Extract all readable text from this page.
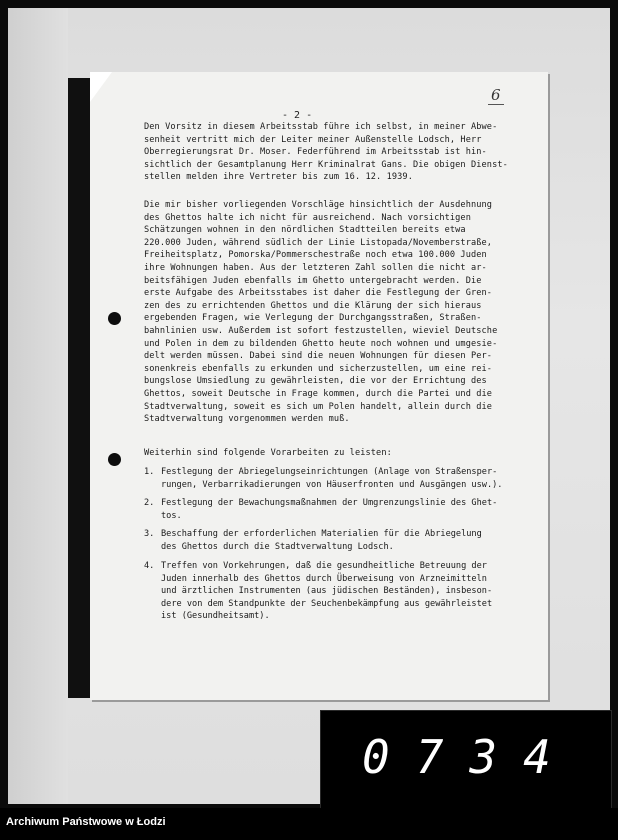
- 2 -
6
Den Vorsitz in diesem Arbeitsstab führe ich selbst, in meiner Abwe-
senheit vertritt mich der Leiter meiner Außenstelle Lodsch, Herr
Oberregierungsrat Dr. Moser. Federführend im Arbeitsstab ist hin-
sichtlich der Gesamtplanung Herr Kriminalrat Gans. Die obigen Dienst-
stellen melden ihre Vertreter bis zum 16. 12. 1939.
Die mir bisher vorliegenden Vorschläge hinsichtlich der Ausdehnung
des Ghettos halte ich nicht für ausreichend. Nach vorsichtigen
Schätzungen wohnen in den nördlichen Stadtteilen bereits etwa
220.000 Juden, während südlich der Linie Listopada/Novemberstraße,
Freiheitsplatz, Pomorska/Pommerschestraße noch etwa 100.000 Juden
ihre Wohnungen haben. Aus der letzteren Zahl sollen die nicht ar-
beitsfähigen Juden ebenfalls im Ghetto untergebracht werden. Die
erste Aufgabe des Arbeitsstabes ist daher die Festlegung der Gren-
zen des zu errichtenden Ghettos und die Klärung der sich hieraus
ergebenden Fragen, wie Verlegung der Durchgangsstraßen, Straßen-
bahnlinien usw. Außerdem ist sofort festzustellen, wieviel Deutsche
und Polen in dem zu bildenden Ghetto heute noch wohnen und umgesie-
delt werden müssen. Dabei sind die neuen Wohnungen für diesen Per-
sonenkreis ebenfalls zu erkunden und sicherzustellen, um eine rei-
bungslose Umsiedlung zu gewährleisten, die vor der Errichtung des
Ghettos, soweit Deutsche in Frage kommen, durch die Partei und die
Stadtverwaltung, soweit es sich um Polen handelt, allein durch die
Stadtverwaltung vorgenommen werden muß.
Weiterhin sind folgende Vorarbeiten zu leisten:
1. Festlegung der Abriegelungseinrichtungen (Anlage von Straßensper-
rungen, Verbarrikadierungen von Häuserfronten und Ausgängen usw.).
2. Festlegung der Bewachungsmaßnahmen der Umgrenzungslinie des Ghet-
tos.
3. Beschaffung der erforderlichen Materialien für die Abriegelung
des Ghettos durch die Stadtverwaltung Lodsch.
4. Treffen von Vorkehrungen, daß die gesundheitliche Betreuung der
Juden innerhalb des Ghettos durch Überweisung von Arzneimitteln
und ärztlichen Instrumenten (aus jüdischen Beständen), insbeson-
dere von dem Standpunkte der Seuchenbekämpfung aus gewährleistet
ist (Gesundheitsamt).
0734
Archiwum Państwowe w Łodzi
